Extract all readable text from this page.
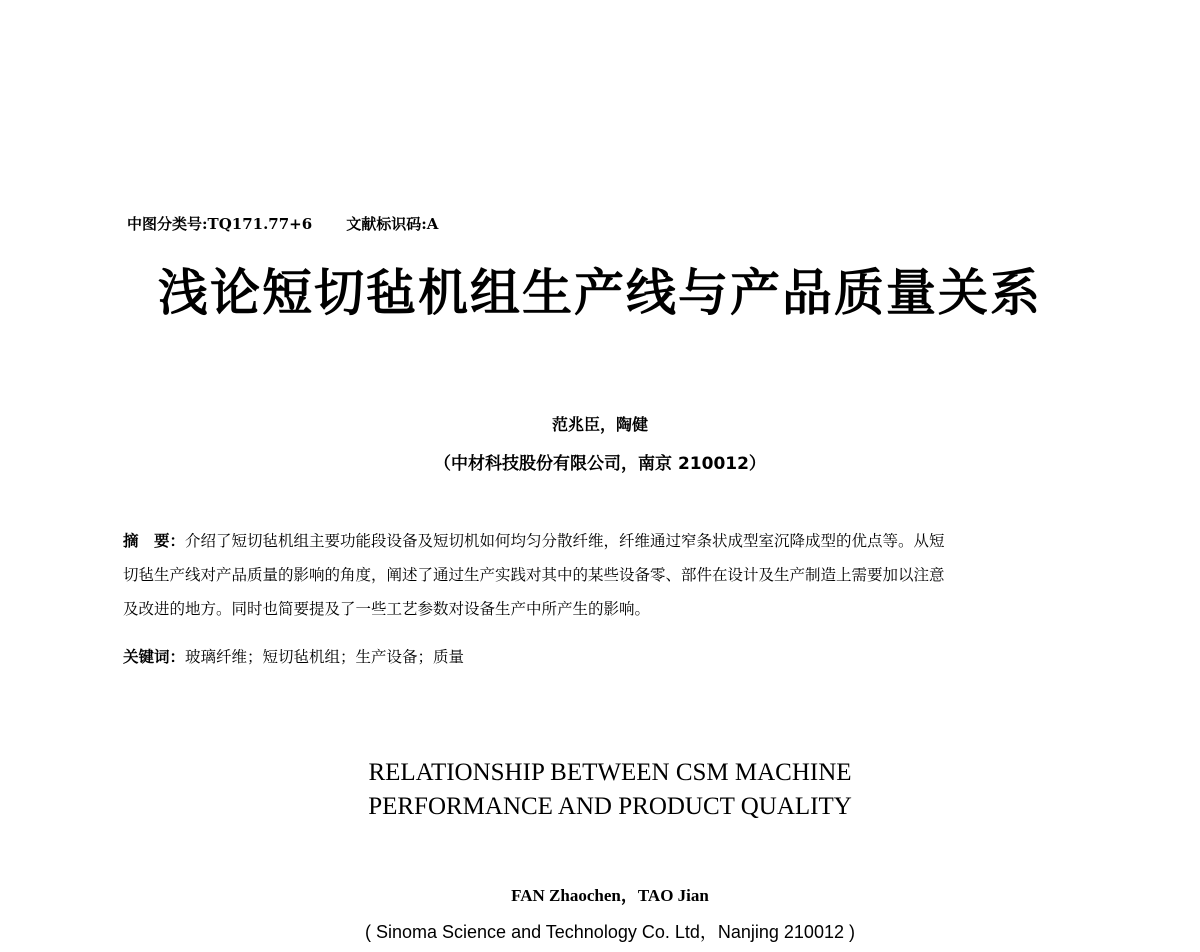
中图分类号:TQ171.77+6 文献标识码:A
浅论短切毡机组生产线与产品质量关系
范兆臣，陶健
（中材科技股份有限公司，南京 210012）
摘　要：介绍了短切毡机组主要功能段设备及短切机如何均匀分散纤维，纤维通过窄条状成型室沉降成型的优点等。从短
切毡生产线对产品质量的影响的角度，阐述了通过生产实践对其中的某些设备零、部件在设计及生产制造上需要加以注意
及改进的地方。同时也简要提及了一些工艺参数对设备生产中所产生的影响。
关键词：玻璃纤维；短切毡机组；生产设备；质量
RELATIONSHIP BETWEEN CSM MACHINE
PERFORMANCE AND PRODUCT QUALITY
FAN Zhaochen，TAO Jian
( Sinoma Science and Technology Co. Ltd，Nanjing 210012 )
